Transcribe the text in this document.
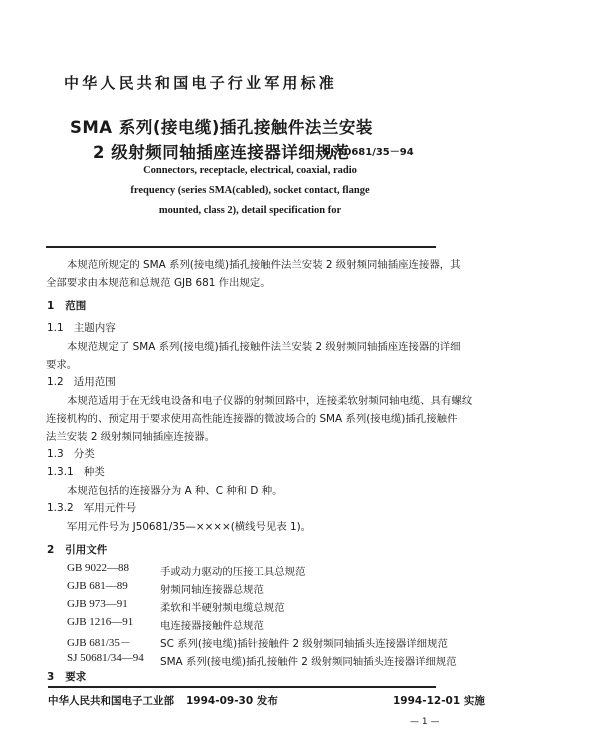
中华人民共和国电子行业军用标准
SMA 系列(接电缆)插孔接触件法兰安装
2 级射频同轴插座连接器详细规范
SJ 50681/35－94
Connectors, receptacle, electrical, coaxial, radio
frequency (series SMA(cabled), socket contact, flange
mounted, class 2), detail specification for
本规范所规定的 SMA 系列(接电缆)插孔接触件法兰安装 2 级射频同轴插座连接器，其
全部要求由本规范和总规范 GJB 681 作出规定。
1 范围
1.1 主题内容
本规范规定了 SMA 系列(接电缆)插孔接触件法兰安装 2 级射频同轴插座连接器的详细
要求。
1.2 适用范围
本规范适用于在无线电设备和电子仪器的射频回路中，连接柔软射频同轴电缆、具有螺纹
连接机构的、预定用于要求使用高性能连接器的微波场合的 SMA 系列(接电缆)插孔接触件
法兰安装 2 级射频同轴插座连接器。
1.3 分类
1.3.1 种类
本规范包括的连接器分为 A 种、C 种和 D 种。
1.3.2 军用元件号
军用元件号为 J50681/35—××××(横线号见表 1)。
2 引用文件
GB 9022—88	手或动力驱动的压接工具总规范
GJB 681—89	射频同轴连接器总规范
GJB 973—91	柔软和半硬射频电缆总规范
GJB 1216—91	电连接器接触件总规范
GJB 681/35－	SC 系列(接电缆)插针接触件 2 级射频同轴插头连接器详细规范
SJ 50681/34—94 SMA 系列(接电缆)插孔接触件 2 级射频同轴插头连接器详细规范
3 要求
中华人民共和国电子工业部 1994-09-30 发布	1994-12-01 实施
— 1 —
